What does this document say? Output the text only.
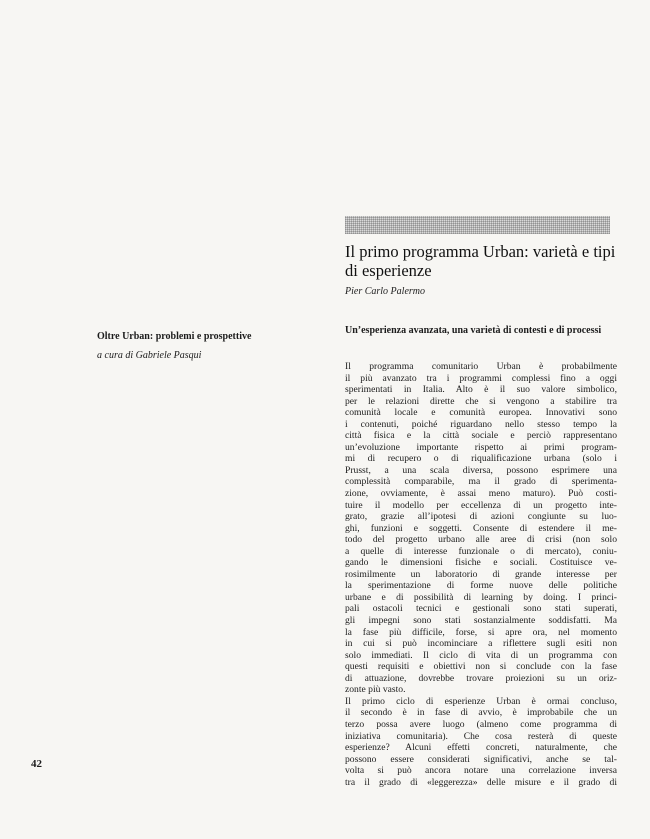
Il primo programma Urban: varietà e tipi di esperienze
Pier Carlo Palermo
Oltre Urban: problemi e prospettive
a cura di Gabriele Pasqui
Un’esperienza avanzata, una varietà di contesti e di processi
Il programma comunitario Urban è probabilmente
il più avanzato tra i programmi complessi fino a oggi
sperimentati in Italia. Alto è il suo valore simbolico,
per le relazioni dirette che si vengono a stabilire tra
comunità locale e comunità europea. Innovativi sono
i contenuti, poiché riguardano nello stesso tempo la
città fisica e la città sociale e perciò rappresentano
un’evoluzione importante rispetto ai primi program-
mi di recupero o di riqualificazione urbana (solo i
Prusst, a una scala diversa, possono esprimere una
complessità comparabile, ma il grado di sperimenta-
zione, ovviamente, è assai meno maturo). Può costi-
tuire il modello per eccellenza di un progetto inte-
grato, grazie all’ipotesi di azioni congiunte su luo-
ghi, funzioni e soggetti. Consente di estendere il me-
todo del progetto urbano alle aree di crisi (non solo
a quelle di interesse funzionale o di mercato), coniu-
gando le dimensioni fisiche e sociali. Costituisce ve-
rosimilmente un laboratorio di grande interesse per
la sperimentazione di forme nuove delle politiche
urbane e di possibilità di learning by doing. I princi-
pali ostacoli tecnici e gestionali sono stati superati,
gli impegni sono stati sostanzialmente soddisfatti. Ma
la fase più difficile, forse, si apre ora, nel momento
in cui si può incominciare a riflettere sugli esiti non
solo immediati. Il ciclo di vita di un programma con
questi requisiti e obiettivi non si conclude con la fase
di attuazione, dovrebbe trovare proiezioni su un oriz-
zonte più vasto.
Il primo ciclo di esperienze Urban è ormai concluso,
il secondo è in fase di avvio, è improbabile che un
terzo possa avere luogo (almeno come programma di
iniziativa comunitaria). Che cosa resterà di queste
esperienze? Alcuni effetti concreti, naturalmente, che
possono essere considerati significativi, anche se tal-
volta si può ancora notare una correlazione inversa
tra il grado di «leggerezza» delle misure e il grado di
42
